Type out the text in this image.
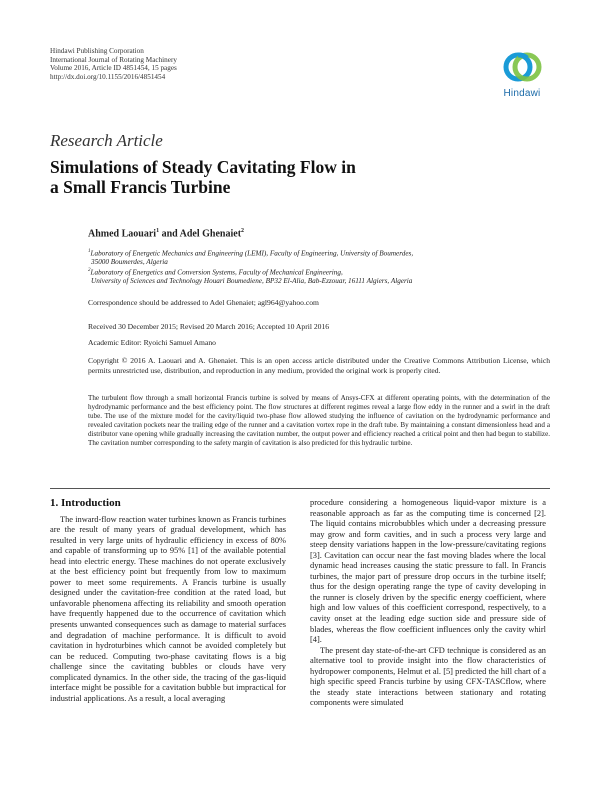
Hindawi Publishing Corporation
International Journal of Rotating Machinery
Volume 2016, Article ID 4851454, 15 pages
http://dx.doi.org/10.1155/2016/4851454
Hindawi
Research Article
Simulations of Steady Cavitating Flow in
a Small Francis Turbine
Ahmed Laouari$^1$ and Adel Ghenaiet$^2$
$^1$Laboratory of Energetic Mechanics and Engineering (LEMI), Faculty of Engineering, University of Boumerdes,
35000 Boumerdes, Algeria
$^2$Laboratory of Energetics and Conversion Systems, Faculty of Mechanical Engineering,
University of Sciences and Technology Houari Boumediene, BP32 El-Alia, Bab-Ezzouar, 16111 Algiers, Algeria
Correspondence should be addressed to Adel Ghenaiet; agl964@yahoo.com
Received 30 December 2015; Revised 20 March 2016; Accepted 10 April 2016
Academic Editor: Ryoichi Samuel Amano
Copyright © 2016 A. Laouari and A. Ghenaiet. This is an open access article distributed under the Creative Commons Attribution License, which permits unrestricted use, distribution, and reproduction in any medium, provided the original work is properly cited.
The turbulent flow through a small horizontal Francis turbine is solved by means of Ansys-CFX at different operating points, with the determination of the hydrodynamic performance and the best efficiency point. The flow structures at different regimes reveal a large flow eddy in the runner and a swirl in the draft tube. The use of the mixture model for the cavity/liquid two-phase flow allowed studying the influence of cavitation on the hydrodynamic performance and revealed cavitation pockets near the trailing edge of the runner and a cavitation vortex rope in the draft tube. By maintaining a constant dimensionless head and a distributor vane opening while gradually increasing the cavitation number, the output power and efficiency reached a critical point and then had begun to stabilize. The cavitation number corresponding to the safety margin of cavitation is also predicted for this hydraulic turbine.
1. Introduction

The inward-flow reaction water turbines known as Francis turbines are the result of many years of gradual development, which has resulted in very large units of hydraulic efficiency in excess of 80% and capable of transforming up to 95% [1] of the available potential head into electric energy. These machines do not operate exclusively at the best efficiency point but frequently from low to maximum power to meet some requirements. A Francis turbine is usually designed under the cavitation-free condition at the rated load, but unfavorable phenomena affecting its reliability and smooth operation have frequently happened due to the occurrence of cavitation which presents unwanted consequences such as damage to material surfaces and degradation of machine performance. It is difficult to avoid cavitation in hydroturbines which cannot be avoided completely but can be reduced. Computing two-phase cavitating flows is a big challenge since the cavitating bubbles or clouds have very complicated dynamics. In the other side, the tracing of the gas-liquid interface might be possible for a cavitation bubble but impractical for industrial applications. As a result, a local averaging

procedure considering a homogeneous liquid-vapor mixture is a reasonable approach as far as the computing time is concerned [2]. The liquid contains microbubbles which under a decreasing pressure may grow and form cavities, and in such a process very large and steep density variations happen in the low-pressure/cavitating regions [3]. Cavitation can occur near the fast moving blades where the local dynamic head increases causing the static pressure to fall. In Francis turbines, the major part of pressure drop occurs in the turbine itself; thus for the design operating range the type of cavity developing in the runner is closely driven by the specific energy coefficient, where high and low values of this coefficient correspond, respectively, to a cavity onset at the leading edge suction side and pressure side of blades, whereas the flow coefficient influences only the cavity whirl [4].

The present day state-of-the-art CFD technique is considered as an alternative tool to provide insight into the flow characteristics of hydropower components, Helmut et al. [5] predicted the hill chart of a high specific speed Francis turbine by using CFX-TASCflow, where the steady state interactions between stationary and rotating components were simulated
